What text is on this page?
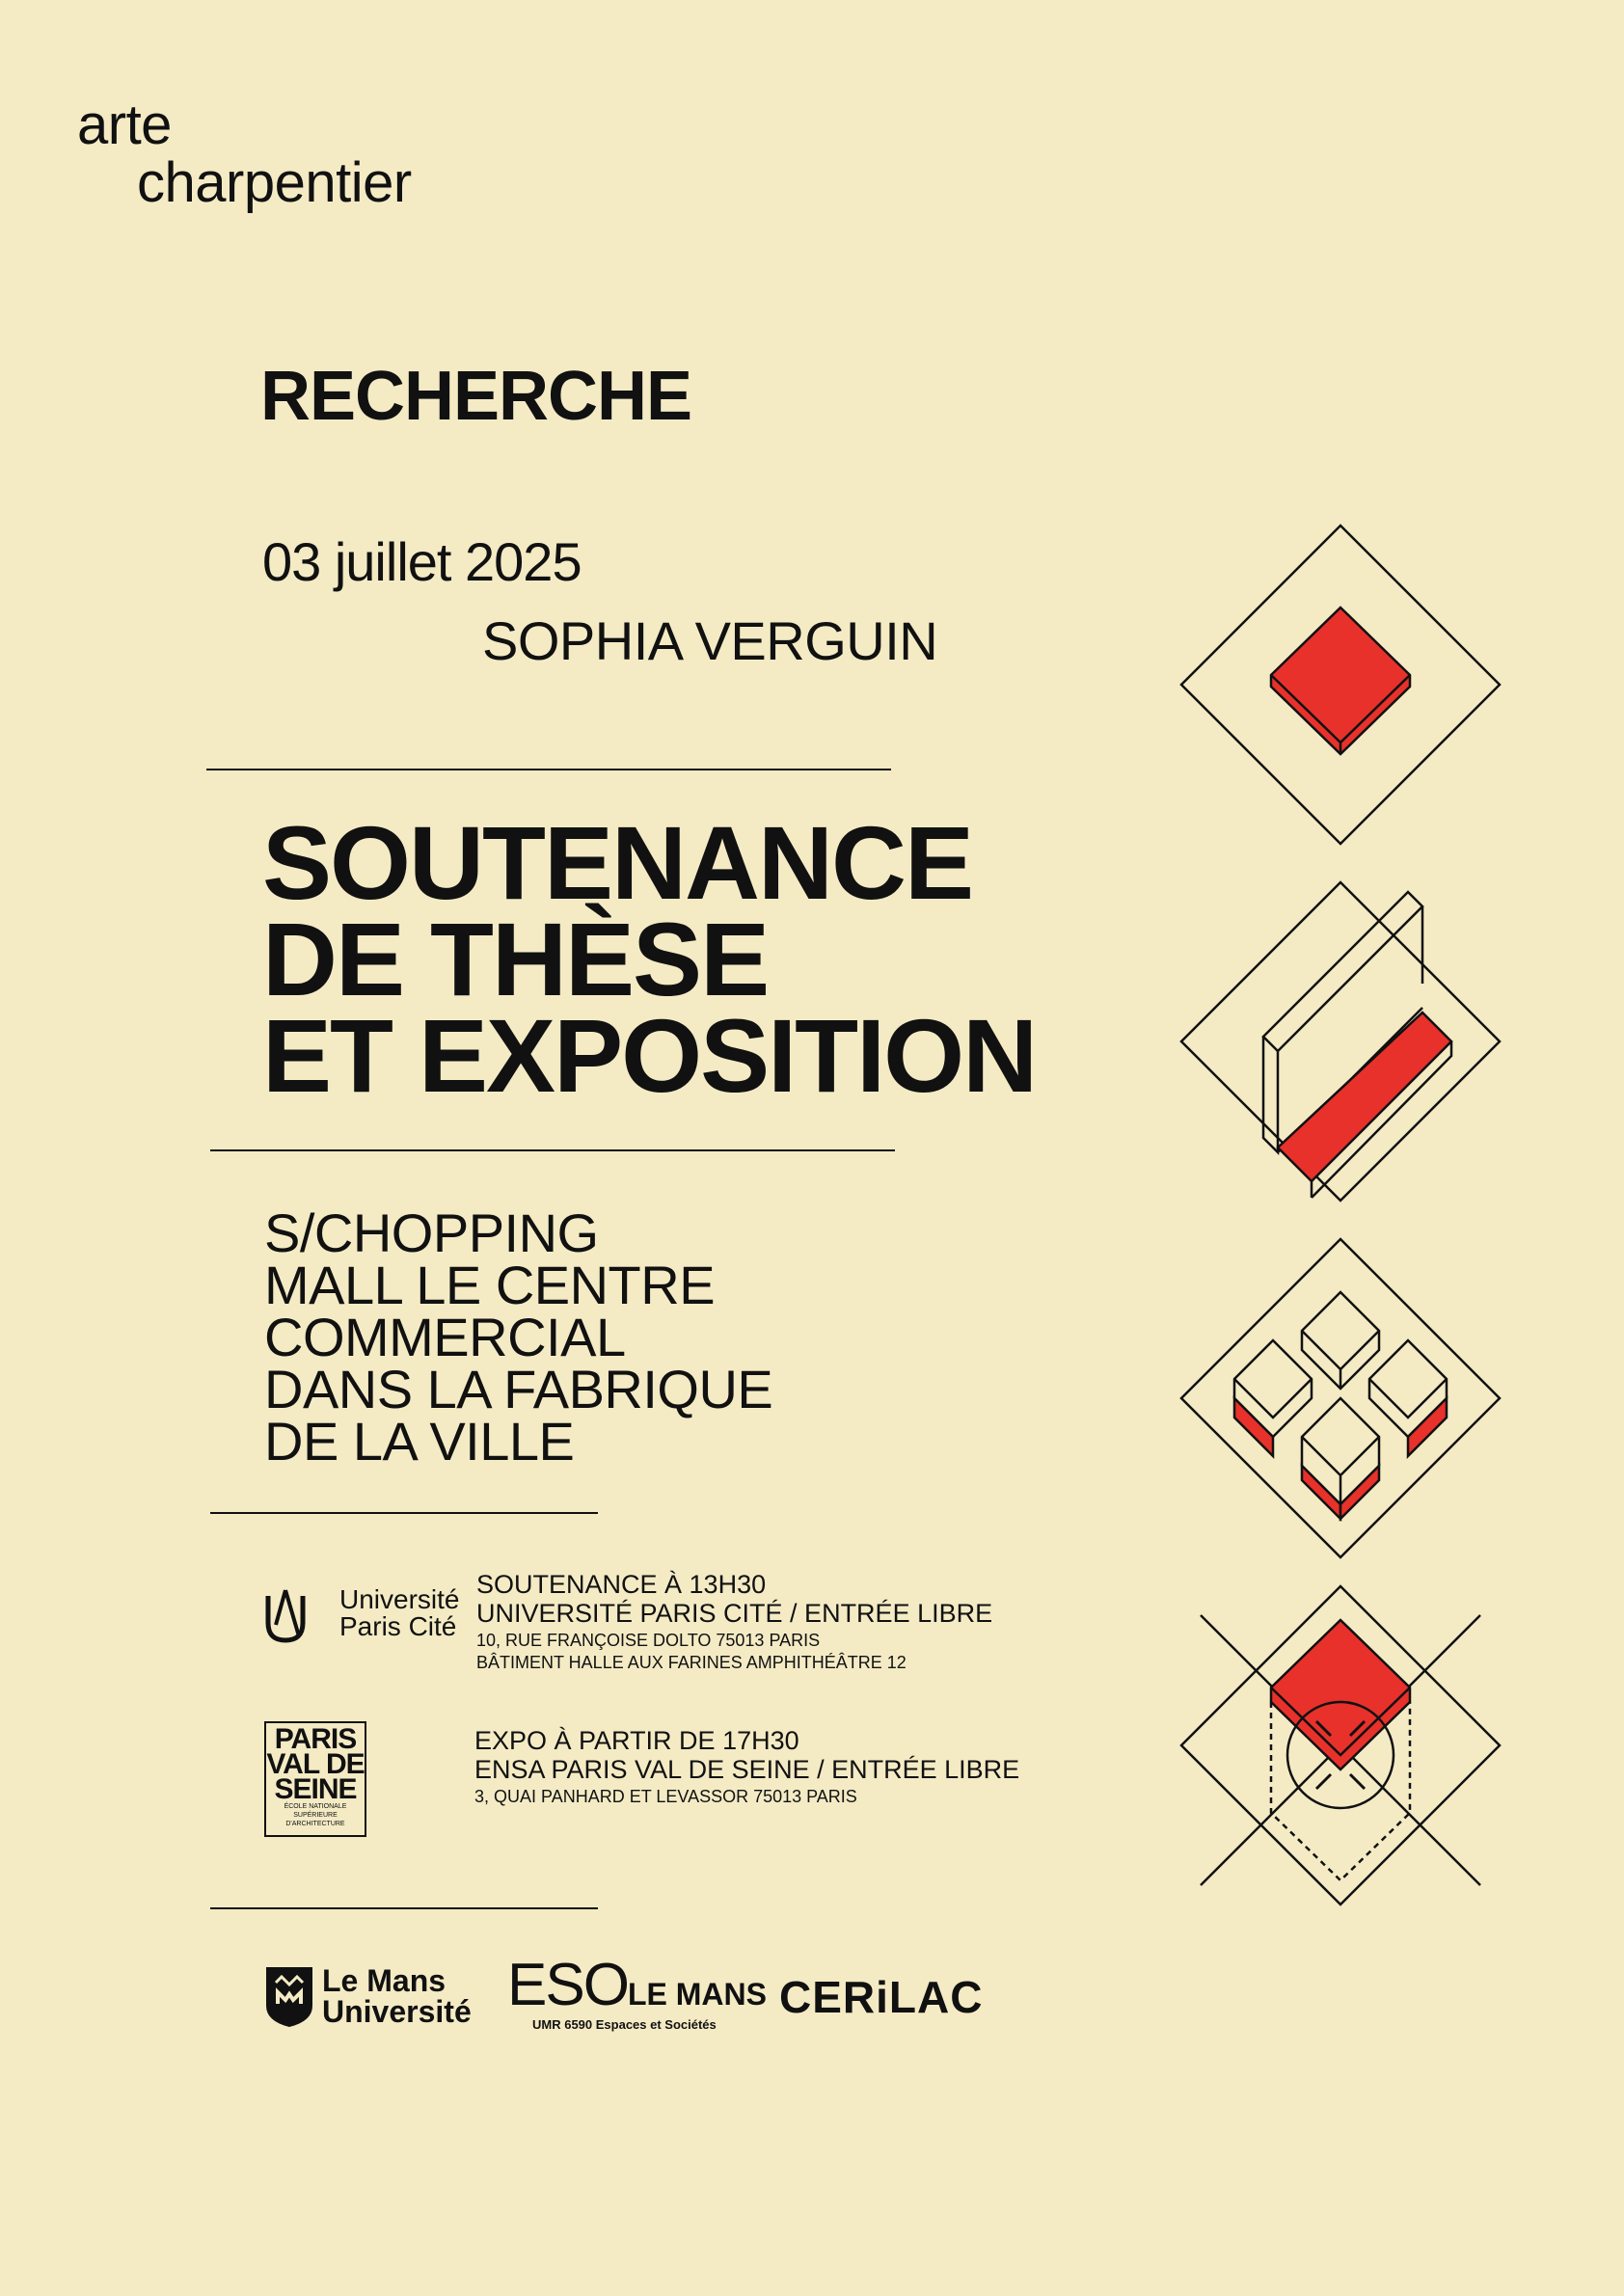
arte
charpentier
RECHERCHE
03 juillet 2025
SOPHIA VERGUIN
SOUTENANCE
DE THÈSE
ET EXPOSITION
S/CHOPPING
MALL LE CENTRE
COMMERCIAL
DANS LA FABRIQUE
DE LA VILLE
Université
Paris Cité
SOUTENANCE À 13H30
UNIVERSITÉ PARIS CITÉ / ENTRÉE LIBRE
10, RUE FRANÇOISE DOLTO 75013 PARIS
BÂTIMENT HALLE AUX FARINES AMPHITHÉÂTRE 12
PARIS
VAL DE
SEINE
ÉCOLE NATIONALE SUPÉRIEURE
D'ARCHITECTURE
EXPO À PARTIR DE 17H30
ENSA PARIS VAL DE SEINE / ENTRÉE LIBRE
3, QUAI PANHARD ET LEVASSOR 75013 PARIS
Le Mans
Université ESOLE MANS
UMR 6590 Espaces et Sociétés
CERiLAC
